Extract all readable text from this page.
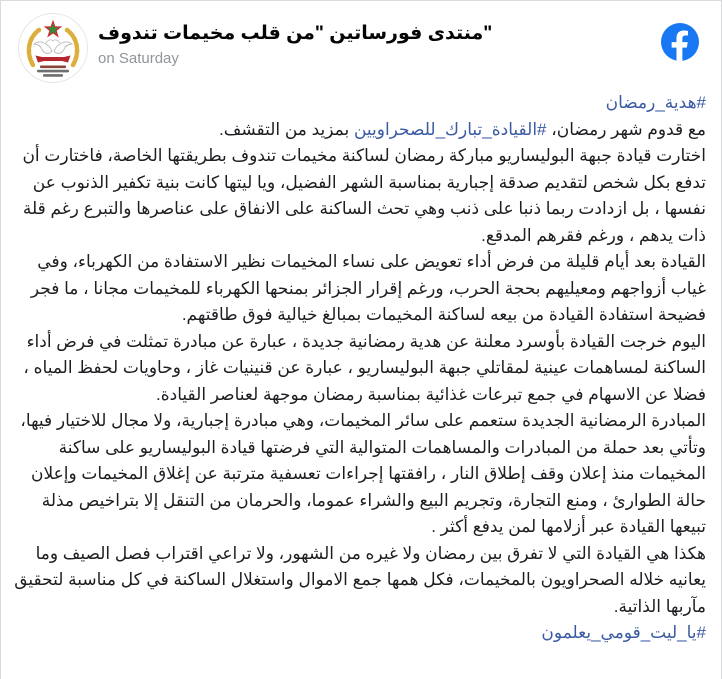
"منتدى فورساتين "من قلب مخيمات تندوف
on Saturday
#هدية_رمضان
مع قدوم شهر رمضان، #القيادة_تبارك_للصحراويين بمزيد من التقشف.
اختارت قيادة جبهة البوليساريو مباركة رمضان لساكنة مخيمات تندوف بطريقتها الخاصة، فاختارت أن تدفع بكل شخص لتقديم صدقة إجبارية بمناسبة الشهر الفضيل، ويا ليتها كانت بنية تكفير الذنوب عن نفسها ، بل ازدادت ربما ذنبا على ذنب وهي تحث الساكنة على الانفاق على عناصرها والتبرع رغم قلة ذات يدهم ، ورغم فقرهم المدقع.
القيادة بعد أيام قليلة من فرض أداء تعويض على نساء المخيمات نظير الاستفادة من الكهرباء، وفي غياب أزواجهم ومعيليهم بحجة الحرب، ورغم إقرار الجزائر بمنحها الكهرباء للمخيمات مجانا ، ما فجر فضيحة استفادة القيادة من بيعه لساكنة المخيمات بمبالغ خيالية فوق طاقتهم.
اليوم خرجت القيادة بأوسرد معلنة عن هدية رمضانية جديدة ، عبارة عن مبادرة تمثلت في فرض أداء الساكنة لمساهمات عينية لمقاتلي جبهة البوليساريو ، عبارة عن قنينيات غاز ، وحاويات لحفظ المياه ، فضلا عن الاسهام في جمع تبرعات غذائية بمناسبة رمضان موجهة لعناصر القيادة.
المبادرة الرمضانية الجديدة ستعمم على سائر المخيمات، وهي مبادرة إجبارية، ولا مجال للاختيار فيها، وتأتي بعد حملة من المبادرات والمساهمات المتوالية التي فرضتها قيادة البوليساريو على ساكنة المخيمات منذ إعلان وقف إطلاق النار ، رافقتها إجراءات تعسفية مترتبة عن إغلاق المخيمات وإعلان حالة الطوارئ ، ومنع التجارة، وتجريم البيع والشراء عموما، والحرمان من التنقل إلا بتراخيص مذلة تبيعها القيادة عبر أزلامها لمن يدفع أكثر .
هكذا هي القيادة التي لا تفرق بين رمضان ولا غيره من الشهور، ولا تراعي اقتراب فصل الصيف وما يعانيه خلاله الصحراويون بالمخيمات، فكل همها جمع الاموال واستغلال الساكنة في كل مناسبة لتحقيق مآربها الذاتية.
#يا_ليت_قومي_يعلمون
